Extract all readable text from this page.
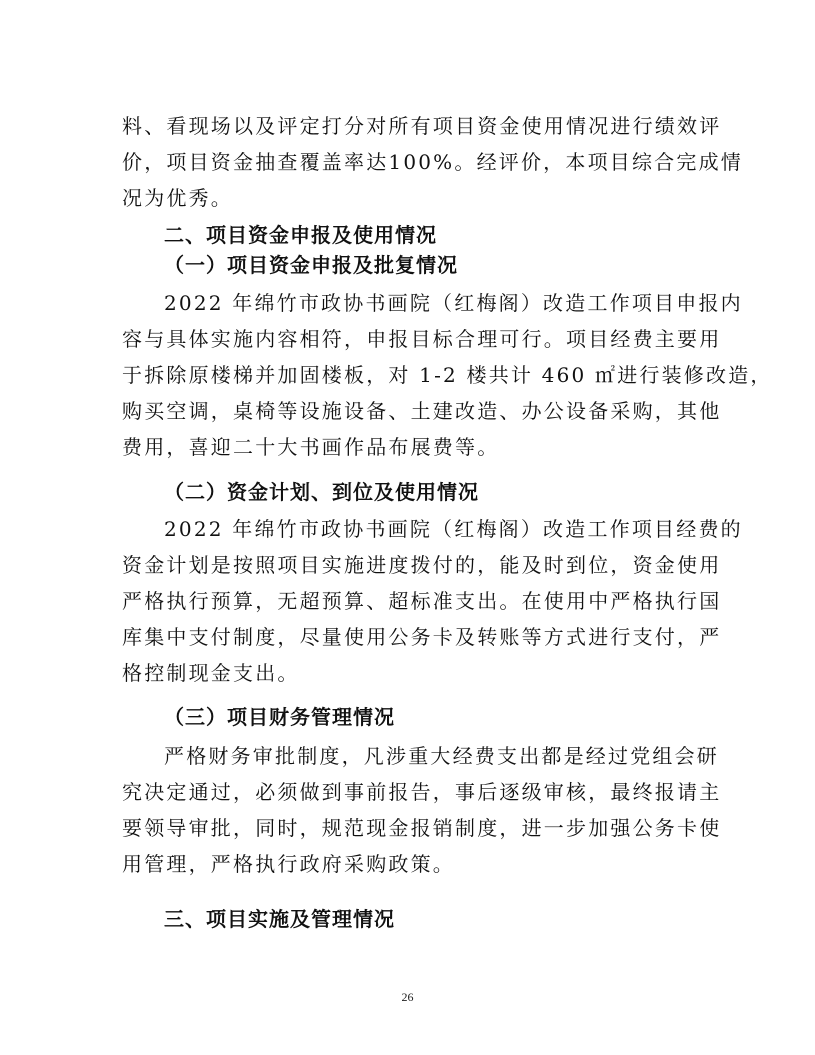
料、看现场以及评定打分对所有项目资金使用情况进行绩效评
价，项目资金抽查覆盖率达100%。经评价，本项目综合完成情
况为优秀。
二、项目资金申报及使用情况
（一）项目资金申报及批复情况
2022 年绵竹市政协书画院（红梅阁）改造工作项目申报内
容与具体实施内容相符，申报目标合理可行。项目经费主要用
于拆除原楼梯并加固楼板，对 1-2 楼共计 460 ㎡进行装修改造，
购买空调，桌椅等设施设备、土建改造、办公设备采购，其他
费用，喜迎二十大书画作品布展费等。
（二）资金计划、到位及使用情况
2022 年绵竹市政协书画院（红梅阁）改造工作项目经费的
资金计划是按照项目实施进度拨付的，能及时到位，资金使用
严格执行预算，无超预算、超标准支出。在使用中严格执行国
库集中支付制度，尽量使用公务卡及转账等方式进行支付，严
格控制现金支出。
（三）项目财务管理情况
严格财务审批制度，凡涉重大经费支出都是经过党组会研
究决定通过，必须做到事前报告，事后逐级审核，最终报请主
要领导审批，同时，规范现金报销制度，进一步加强公务卡使
用管理，严格执行政府采购政策。
三、项目实施及管理情况
26
